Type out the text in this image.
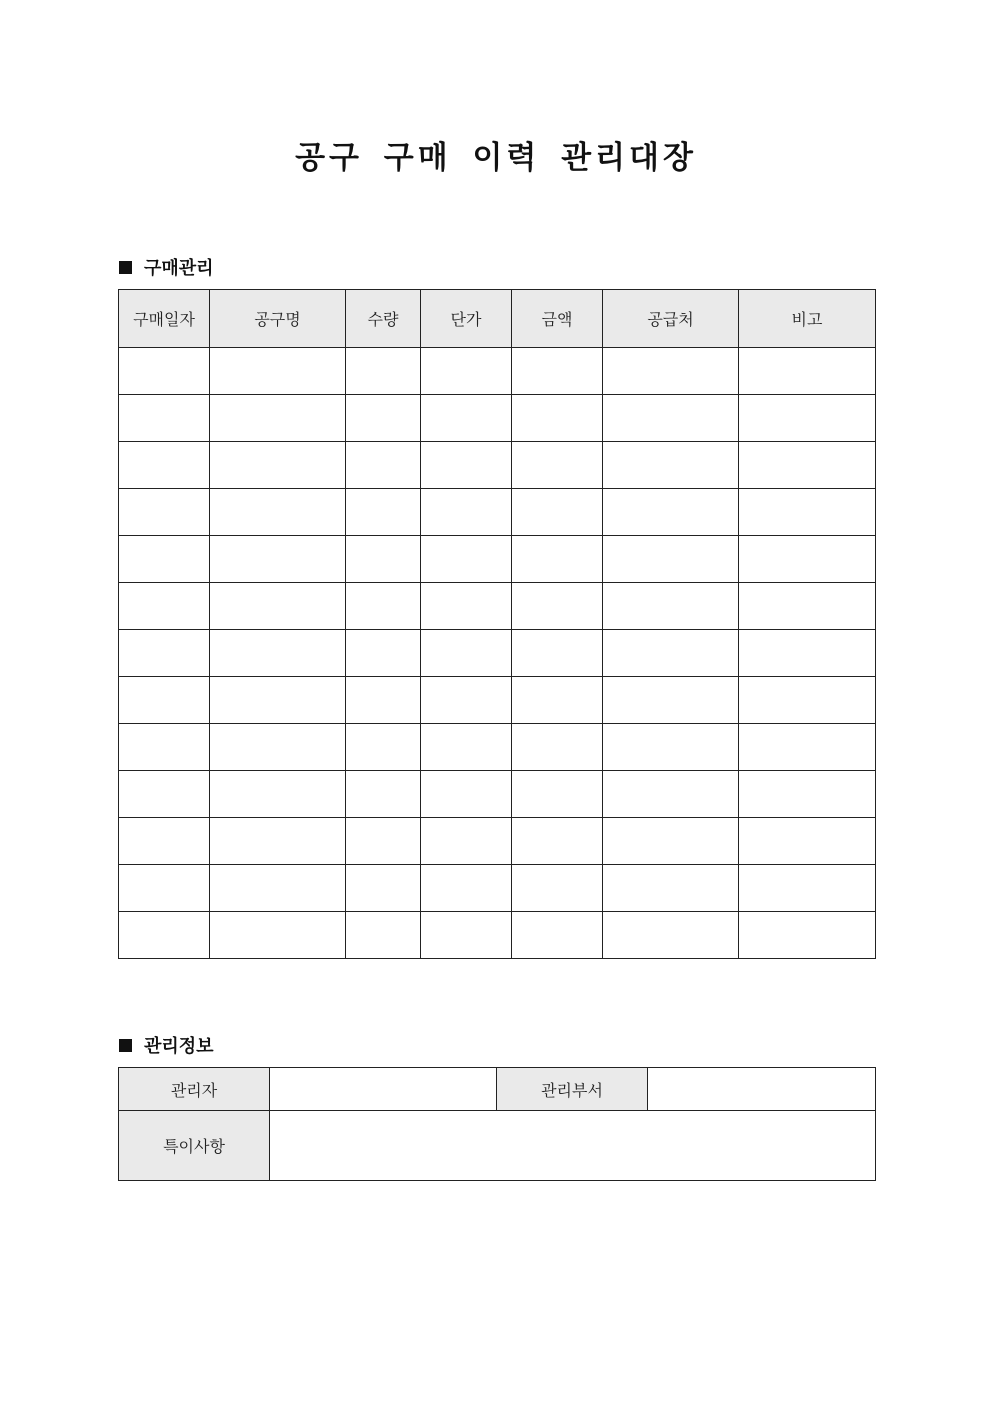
공구 구매 이력 관리대장
구매관리
구매일자	공구명	수량	단가	금액	공급처	비고

관리정보
관리자		관리부서	
특이사항			
